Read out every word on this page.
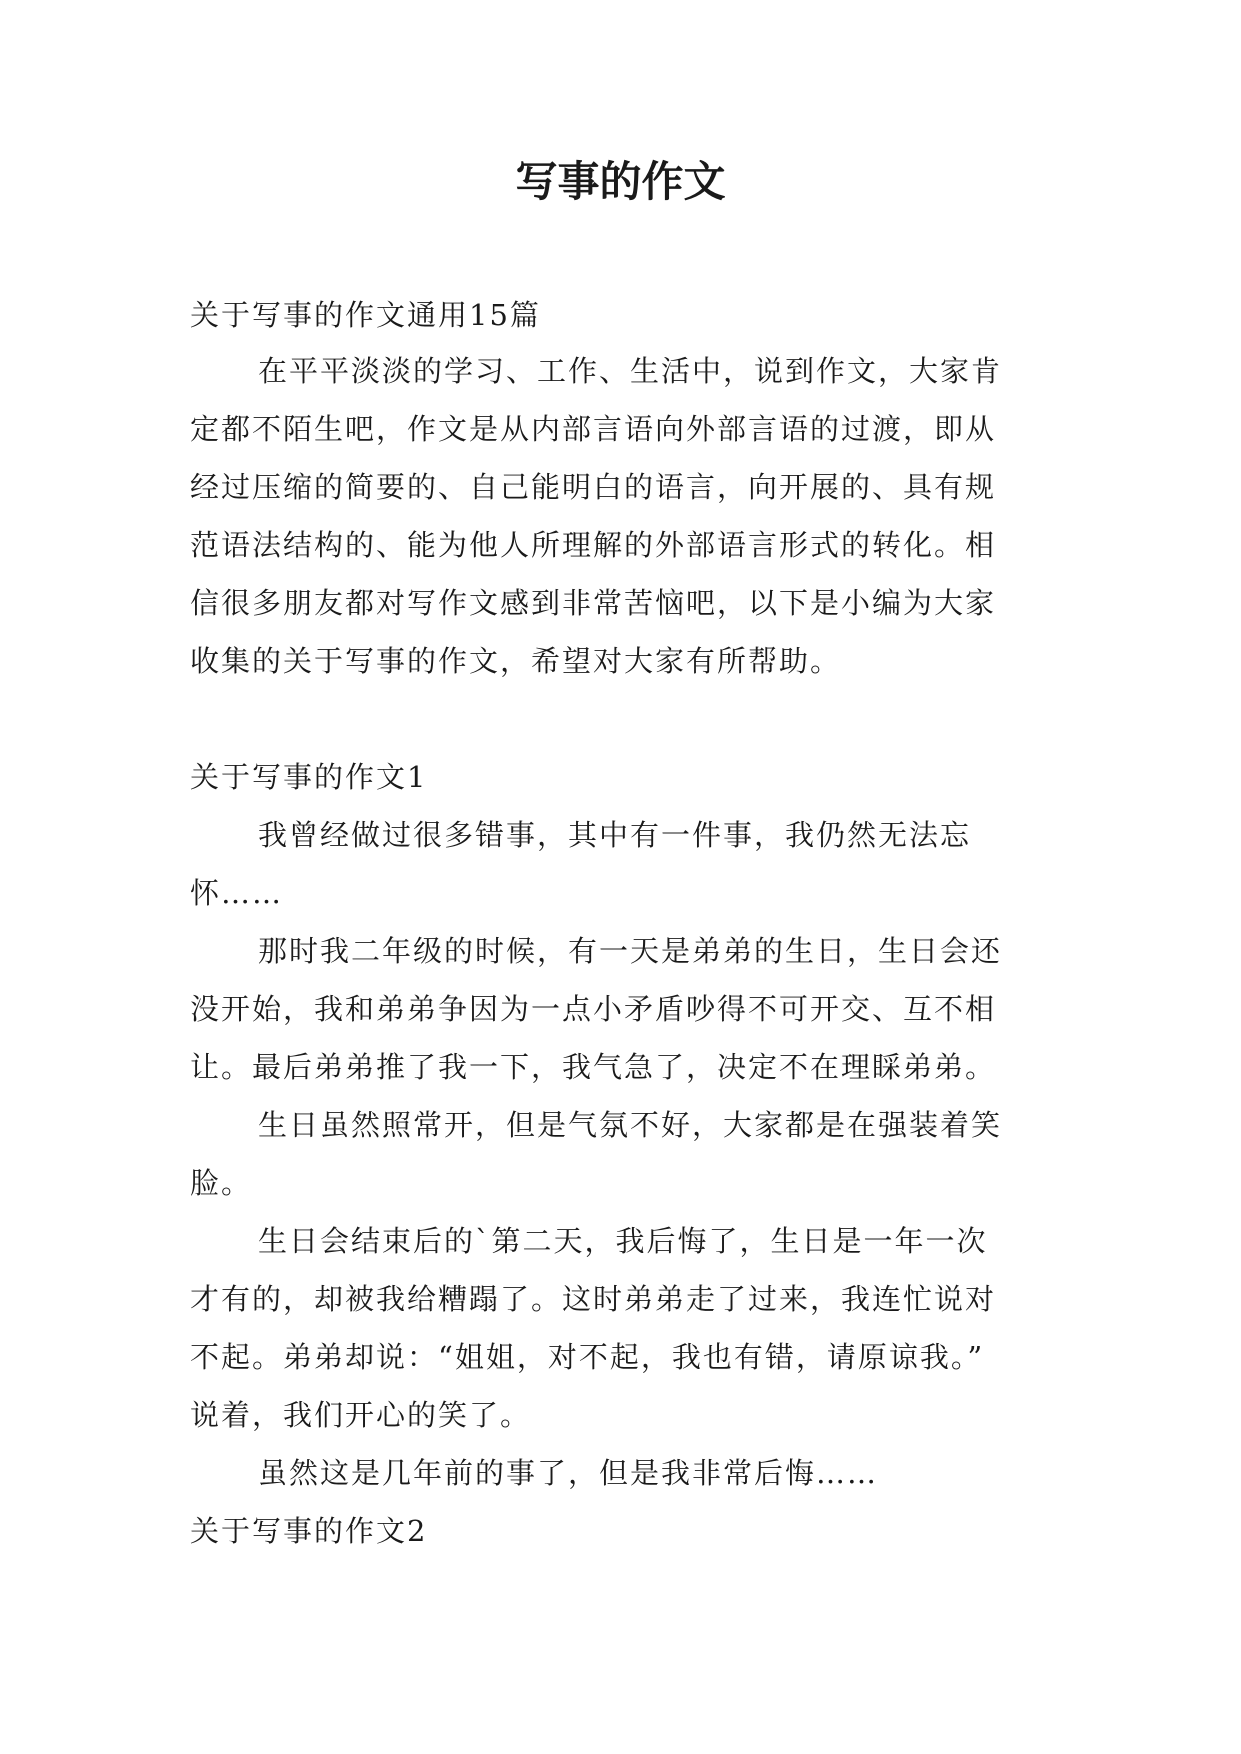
写事的作文

关于写事的作文通用15篇

在平平淡淡的学习、工作、生活中，说到作文，大家肯

定都不陌生吧，作文是从内部言语向外部言语的过渡，即从

经过压缩的简要的、自己能明白的语言，向开展的、具有规

范语法结构的、能为他人所理解的外部语言形式的转化。相

信很多朋友都对写作文感到非常苦恼吧，以下是小编为大家

收集的关于写事的作文，希望对大家有所帮助。

关于写事的作文1

我曾经做过很多错事，其中有一件事，我仍然无法忘

怀……

那时我二年级的时候，有一天是弟弟的生日，生日会还

没开始，我和弟弟争因为一点小矛盾吵得不可开交、互不相

让。最后弟弟推了我一下，我气急了，决定不在理睬弟弟。

生日虽然照常开，但是气氛不好，大家都是在强装着笑

脸。

生日会结束后的`第二天，我后悔了，生日是一年一次

才有的，却被我给糟蹋了。这时弟弟走了过来，我连忙说对

不起。弟弟却说：“姐姐，对不起，我也有错，请原谅我。”

说着，我们开心的笑了。

虽然这是几年前的事了，但是我非常后悔……

关于写事的作文2
